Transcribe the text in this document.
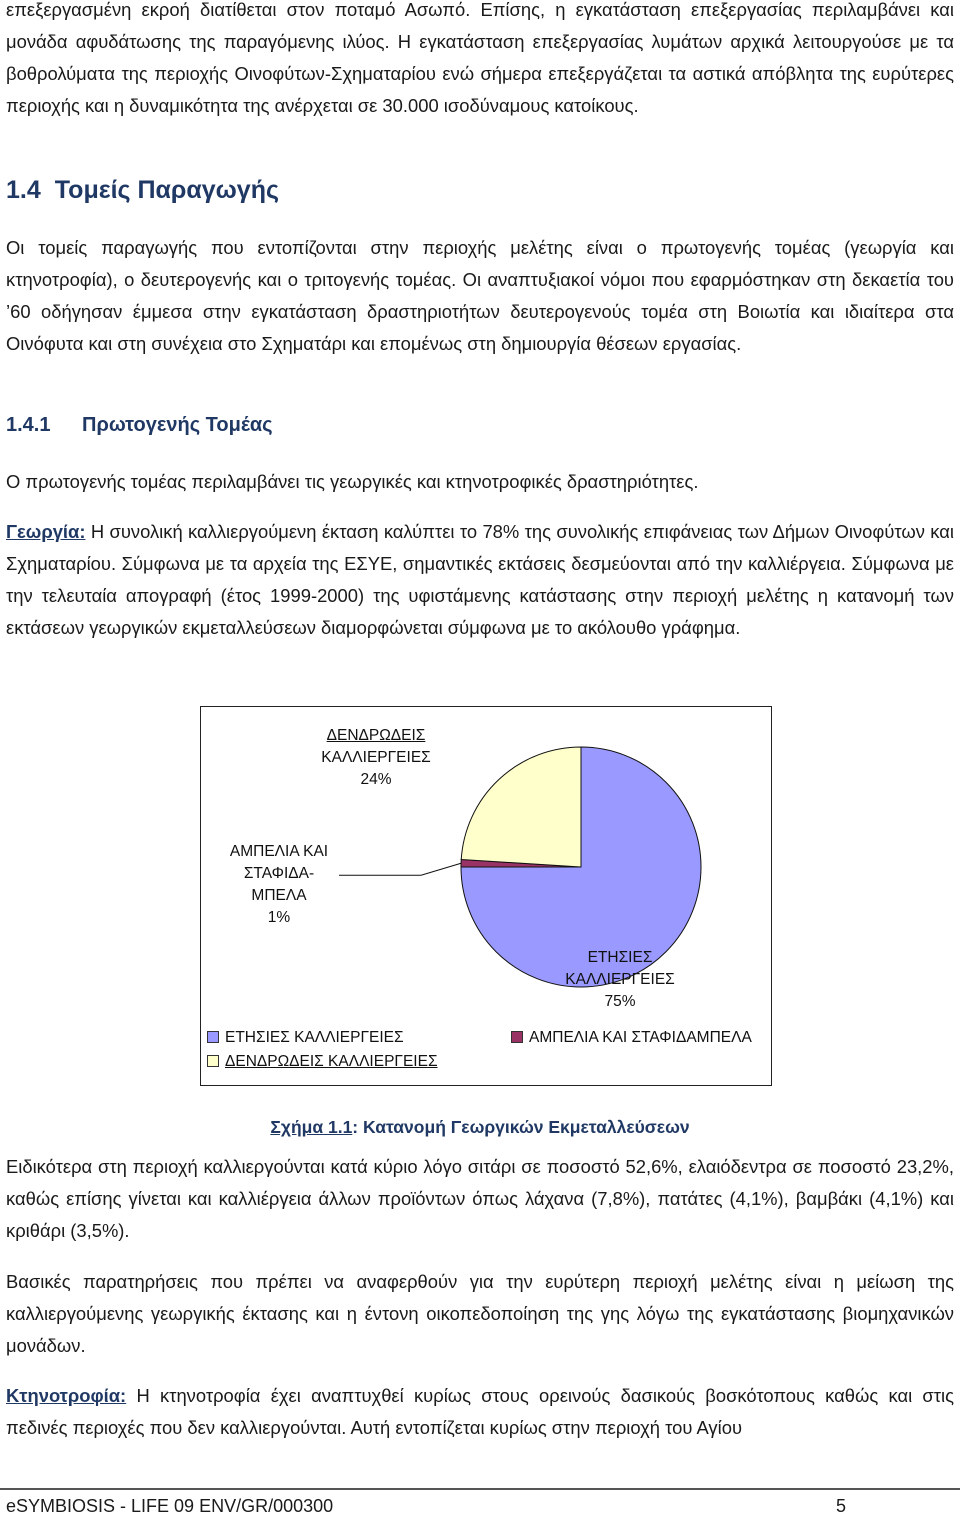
επεξεργασμένη εκροή διατίθεται στον ποταμό Ασωπό. Επίσης, η εγκατάσταση επεξεργασίας περιλαμβάνει και μονάδα αφυδάτωσης της παραγόμενης ιλύος. Η εγκατάσταση επεξεργασίας λυμάτων αρχικά λειτουργούσε με τα βοθρολύματα της περιοχής Οινοφύτων-Σχηματαρίου ενώ σήμερα επεξεργάζεται τα αστικά απόβλητα της ευρύτερες περιοχής και η δυναμικότητα της ανέρχεται σε 30.000 ισοδύναμους κατοίκους.

1.4 Τομείς Παραγωγής

Οι τομείς παραγωγής που εντοπίζονται στην περιοχής μελέτης είναι ο πρωτογενής τομέας (γεωργία και κτηνοτροφία), ο δευτερογενής και ο τριτογενής τομέας. Οι αναπτυξιακοί νόμοι που εφαρμόστηκαν στη δεκαετία του ’60 οδήγησαν έμμεσα στην εγκατάσταση δραστηριοτήτων δευτερογενούς τομέα στη Βοιωτία και ιδιαίτερα στα Οινόφυτα και στη συνέχεια στο Σχηματάρι και επομένως στη δημιουργία θέσεων εργασίας.

1.4.1 Πρωτογενής Τομέας

Ο πρωτογενής τομέας περιλαμβάνει τις γεωργικές και κτηνοτροφικές δραστηριότητες.

Γεωργία: Η συνολική καλλιεργούμενη έκταση καλύπτει το 78% της συνολικής επιφάνειας των Δήμων Οινοφύτων και Σχηματαρίου. Σύμφωνα με τα αρχεία της ΕΣΥΕ, σημαντικές εκτάσεις δεσμεύονται από την καλλιέργεια. Σύμφωνα με την τελευταία απογραφή (έτος 1999-2000) της υφιστάμενης κατάστασης στην περιοχή μελέτης η κατανομή των εκτάσεων γεωργικών εκμεταλλεύσεων διαμορφώνεται σύμφωνα με το ακόλουθο γράφημα.

ΔΕΝΔΡΩΔΕΙΣ
ΚΑΛΛΙΕΡΓΕΙΕΣ
24%
ΑΜΠΕΛΙΑ ΚΑΙ
ΣΤΑΦΙΔΑ-
ΜΠΕΛΑ
1%
ΕΤΗΣΙΕΣ
ΚΑΛΛΙΕΡΓΕΙΕΣ
75%
ΕΤΗΣΙΕΣ ΚΑΛΛΙΕΡΓΕΙΕΣ	ΑΜΠΕΛΙΑ ΚΑΙ ΣΤΑΦΙΔΑΜΠΕΛΑ
ΔΕΝΔΡΩΔΕΙΣ ΚΑΛΛΙΕΡΓΕΙΕΣ
Σχήμα 1.1: Κατανομή Γεωργικών Εκμεταλλεύσεων

Ειδικότερα στη περιοχή καλλιεργούνται κατά κύριο λόγο σιτάρι σε ποσοστό 52,6%, ελαιόδεντρα σε ποσοστό 23,2%, καθώς επίσης γίνεται και καλλιέργεια άλλων προϊόντων όπως λάχανα (7,8%), πατάτες (4,1%), βαμβάκι (4,1%) και κριθάρι (3,5%).

Βασικές παρατηρήσεις που πρέπει να αναφερθούν για την ευρύτερη περιοχή μελέτης είναι η μείωση της καλλιεργούμενης γεωργικής έκτασης και η έντονη οικοπεδοποίηση της γης λόγω της εγκατάστασης βιομηχανικών μονάδων.

Κτηνοτροφία: Η κτηνοτροφία έχει αναπτυχθεί κυρίως στους ορεινούς δασικούς βοσκότοπους καθώς και στις πεδινές περιοχές που δεν καλλιεργούνται. Αυτή εντοπίζεται κυρίως στην περιοχή του Αγίου

eSYMBIOSIS - LIFE 09 ENV/GR/000300	5
